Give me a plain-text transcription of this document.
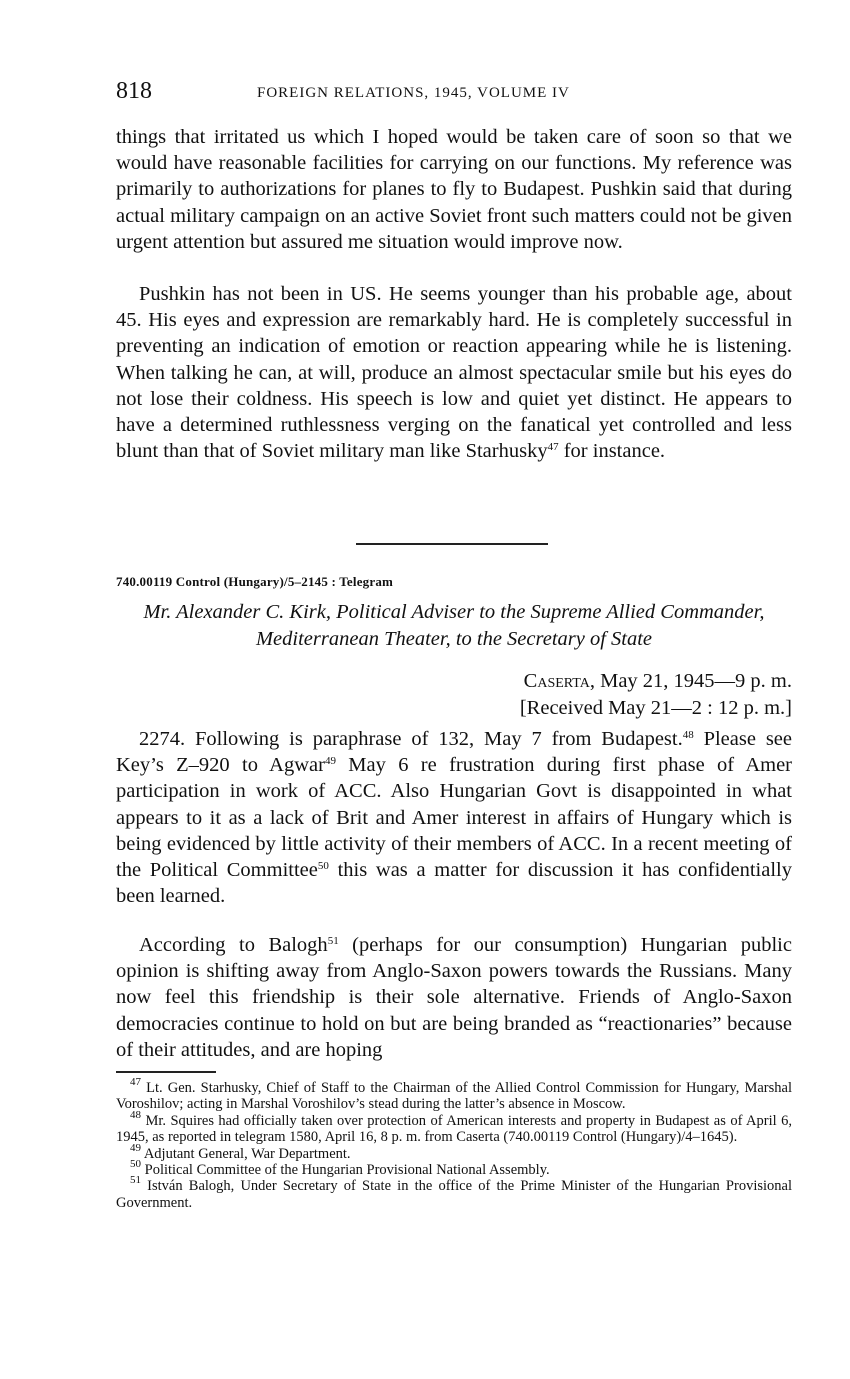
818	FOREIGN RELATIONS, 1945, VOLUME IV

things that irritated us which I hoped would be taken care of soon so that we would have reasonable facilities for carrying on our functions. My reference was primarily to authorizations for planes to fly to Budapest. Pushkin said that during actual military campaign on an active Soviet front such matters could not be given urgent attention but assured me situation would improve now.

Pushkin has not been in US. He seems younger than his probable age, about 45. His eyes and expression are remarkably hard. He is completely successful in preventing an indication of emotion or reaction appearing while he is listening. When talking he can, at will, produce an almost spectacular smile but his eyes do not lose their coldness. His speech is low and quiet yet distinct. He appears to have a determined ruthlessness verging on the fanatical yet controlled and less blunt than that of Soviet military man like Starhusky$^{47}$ for instance.

740.00119 Control (Hungary)/5–2145 : Telegram
Mr. Alexander C. Kirk, Political Adviser to the Supreme Allied Commander, Mediterranean Theater, to the Secretary of State
Caserta, May 21, 1945—9 p. m.
[Received May 21—2 : 12 p. m.]

2274. Following is paraphrase of 132, May 7 from Budapest.$^{48}$ Please see Key’s Z–920 to Agwar$^{49}$ May 6 re frustration during first phase of Amer participation in work of ACC. Also Hungarian Govt is disappointed in what appears to it as a lack of Brit and Amer interest in affairs of Hungary which is being evidenced by little activity of their members of ACC. In a recent meeting of the Political Committee$^{50}$ this was a matter for discussion it has confidentially been learned.

According to Balogh$^{51}$ (perhaps for our consumption) Hungarian public opinion is shifting away from Anglo-Saxon powers towards the Russians. Many now feel this friendship is their sole alternative. Friends of Anglo-Saxon democracies continue to hold on but are being branded as “reactionaries” because of their attitudes, and are hoping

$^{47}$ Lt. Gen. Starhusky, Chief of Staff to the Chairman of the Allied Control Commission for Hungary, Marshal Voroshilov; acting in Marshal Voroshilov’s stead during the latter’s absence in Moscow.

$^{48}$ Mr. Squires had officially taken over protection of American interests and property in Budapest as of April 6, 1945, as reported in telegram 1580, April 16, 8 p. m. from Caserta (740.00119 Control (Hungary)/4–1645).

$^{49}$ Adjutant General, War Department.

$^{50}$ Political Committee of the Hungarian Provisional National Assembly.

$^{51}$ István Balogh, Under Secretary of State in the office of the Prime Minister of the Hungarian Provisional Government.
